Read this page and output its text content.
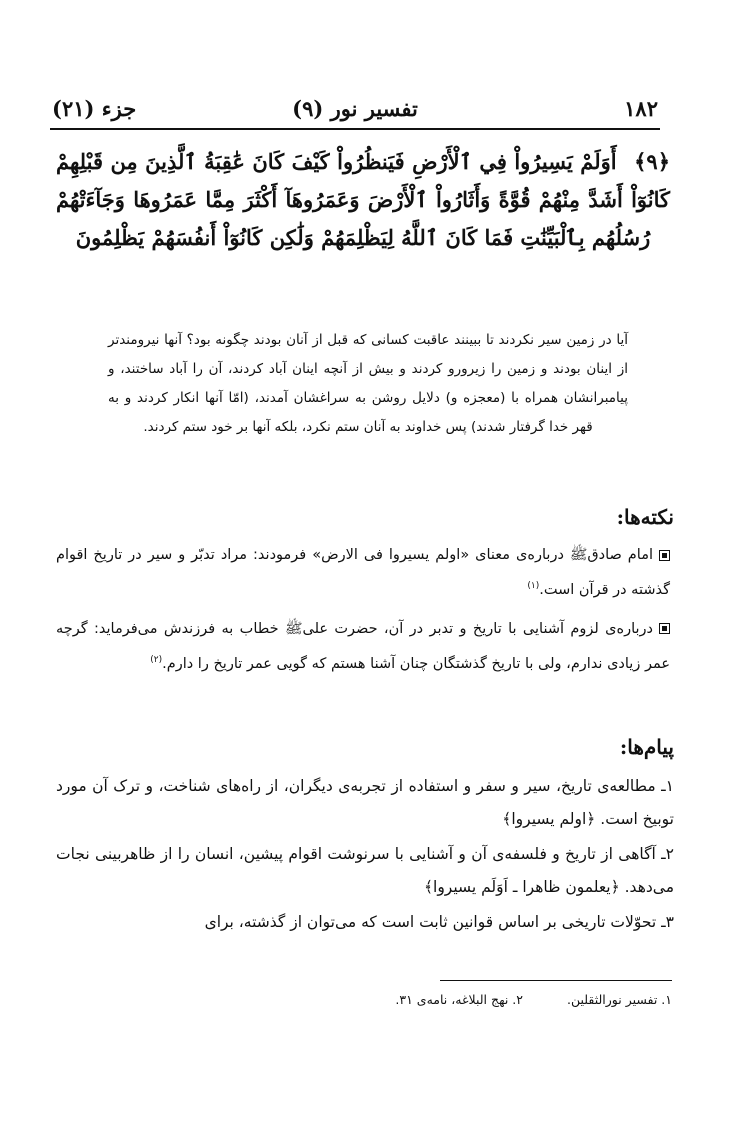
۱۸۲
تفسیر نور (۹)
جزء (۲۱)
﴿۹﴾ أَوَلَمْ يَسِيرُواْ فِي ٱلْأَرْضِ فَيَنظُرُواْ كَيْفَ كَانَ عَٰقِبَةُ ٱلَّذِينَ مِن قَبْلِهِمْ كَانُوٓاْ أَشَدَّ مِنْهُمْ قُوَّةً وَأَثَارُواْ ٱلْأَرْضَ وَعَمَرُوهَآ أَكْثَرَ مِمَّا عَمَرُوهَا وَجَآءَتْهُمْ رُسُلُهُم بِٱلْبَيِّنَٰتِ فَمَا كَانَ ٱللَّهُ لِيَظْلِمَهُمْ وَلَٰكِن كَانُوٓاْ أَنفُسَهُمْ يَظْلِمُونَ
آیا در زمین سیر نکردند تا ببینند عاقبت کسانی که قبل از آنان بودند چگونه بود؟ آنها نیرومندتر از اینان بودند و زمین را زیرورو کردند و بیش از آنچه اینان آباد کردند، آن را آباد ساختند، و پیامبرانشان همراه با (معجزه و) دلایل روشن به سراغشان آمدند، (امّا آنها انکار کردند و به قهر خدا گرفتار شدند) پس خداوند به آنان ستم نکرد، بلکه آنها بر خود ستم کردند.
نکته‌ها:

امام صادقﷺ درباره‌ی معنای «اولم یسیروا فی الارض» فرمودند: مراد تدبّر و سیر در تاریخ اقوام گذشته در قرآن است.$^{(۱)}$

درباره‌ی لزوم آشنایی با تاریخ و تدبر در آن، حضرت علیﷺ خطاب به فرزندش می‌فرماید: گرچه عمر زیادی ندارم، ولی با تاریخ گذشتگان چنان آشنا هستم که گویی عمر تاریخ را دارم.$^{(۲)}$

پیام‌ها:

۱ـ مطالعه‌ی تاریخ، سیر و سفر و استفاده از تجربه‌ی دیگران، از راه‌های شناخت، و ترک آن مورد توبیخ است. ﴿اولم یسیروا﴾

۲ـ آگاهی از تاریخ و فلسفه‌ی آن و آشنایی با سرنوشت اقوام پیشین، انسان را از ظاهربینی نجات می‌دهد. ﴿یعلمون ظاهرا ـ اَوَلَم یسیروا﴾

۳ـ تحوّلات تاریخی بر اساس قوانین ثابت است که می‌توان از گذشته، برای

۱. تفسیر نورالثقلین.۲. نهج البلاغه، نامه‌ی ۳۱.
